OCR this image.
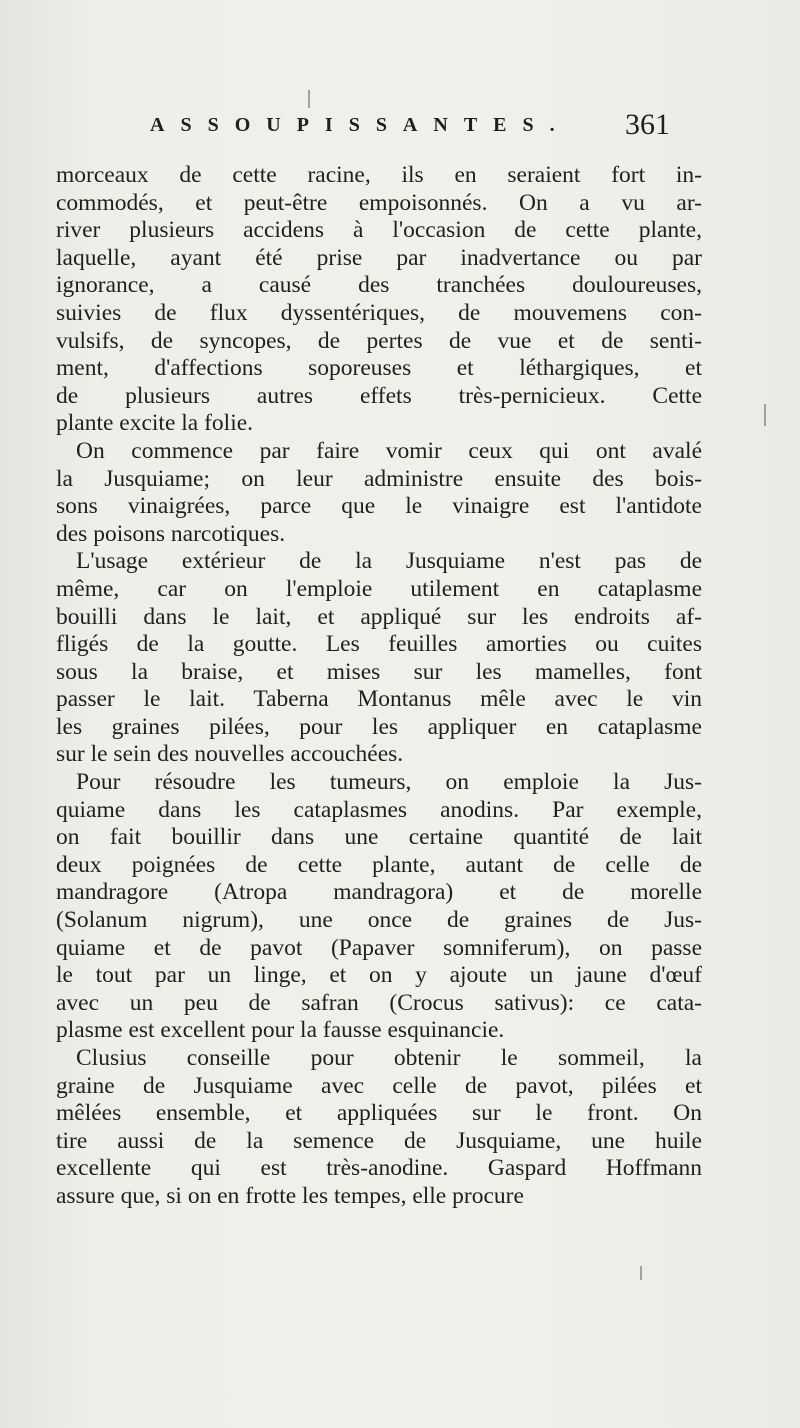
ASSOUPISSANTES. 361
morceaux de cette racine, ils en seraient fort in-
commodés, et peut-être empoisonnés. On a vu ar-
river plusieurs accidens à l'occasion de cette plante,
laquelle, ayant été prise par inadvertance ou par
ignorance, a causé des tranchées douloureuses,
suivies de flux dyssentériques, de mouvemens con-
vulsifs, de syncopes, de pertes de vue et de senti-
ment, d'affections soporeuses et léthargiques, et
de plusieurs autres effets très-pernicieux. Cette
plante excite la folie.
On commence par faire vomir ceux qui ont avalé
la Jusquiame; on leur administre ensuite des bois-
sons vinaigrées, parce que le vinaigre est l'antidote
des poisons narcotiques.
L'usage extérieur de la Jusquiame n'est pas de
même, car on l'emploie utilement en cataplasme
bouilli dans le lait, et appliqué sur les endroits af-
fligés de la goutte. Les feuilles amorties ou cuites
sous la braise, et mises sur les mamelles, font
passer le lait. Taberna Montanus mêle avec le vin
les graines pilées, pour les appliquer en cataplasme
sur le sein des nouvelles accouchées.
Pour résoudre les tumeurs, on emploie la Jus-
quiame dans les cataplasmes anodins. Par exemple,
on fait bouillir dans une certaine quantité de lait
deux poignées de cette plante, autant de celle de
mandragore (Atropa mandragora) et de morelle
(Solanum nigrum), une once de graines de Jus-
quiame et de pavot (Papaver somniferum), on passe
le tout par un linge, et on y ajoute un jaune d'œuf
avec un peu de safran (Crocus sativus): ce cata-
plasme est excellent pour la fausse esquinancie.
Clusius conseille pour obtenir le sommeil, la
graine de Jusquiame avec celle de pavot, pilées et
mêlées ensemble, et appliquées sur le front. On
tire aussi de la semence de Jusquiame, une huile
excellente qui est très-anodine. Gaspard Hoffmann
assure que, si on en frotte les tempes, elle procure
